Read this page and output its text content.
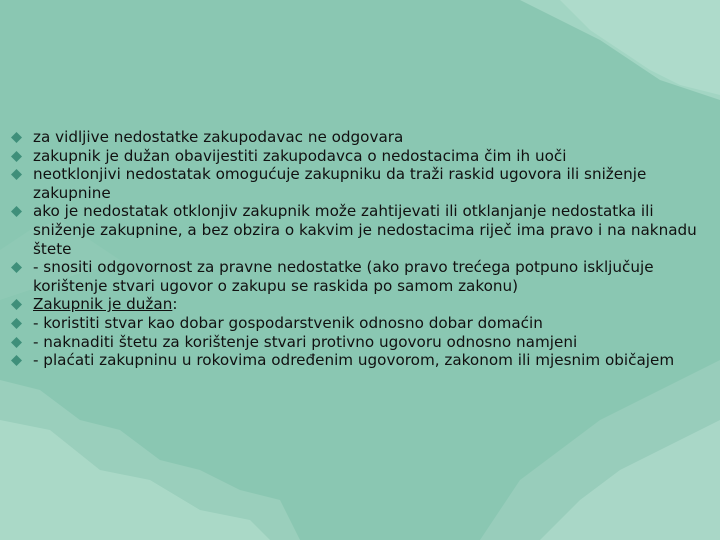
za vidljive nedostatke zakupodavac ne odgovara
zakupnik je dužan obavijestiti zakupodavca o nedostacima čim ih uoči
neotklonjivi nedostatak omogućuje zakupniku da traži raskid ugovora ili sniženje zakupnine
ako je nedostatak otklonjiv zakupnik može zahtijevati ili otklanjanje nedostatka ili sniženje zakupnine, a bez obzira o kakvim je nedostacima riječ ima pravo i na naknadu štete
- snositi odgovornost za pravne nedostatke (ako pravo trećega potpuno isključuje korištenje stvari ugovor o zakupu se raskida po samom zakonu)
Zakupnik je dužan:
- koristiti stvar kao dobar gospodarstvenik odnosno dobar domaćin
- naknaditi štetu za korištenje stvari protivno ugovoru odnosno namjeni
- plaćati zakupninu u rokovima određenim ugovorom, zakonom ili mjesnim običajem
